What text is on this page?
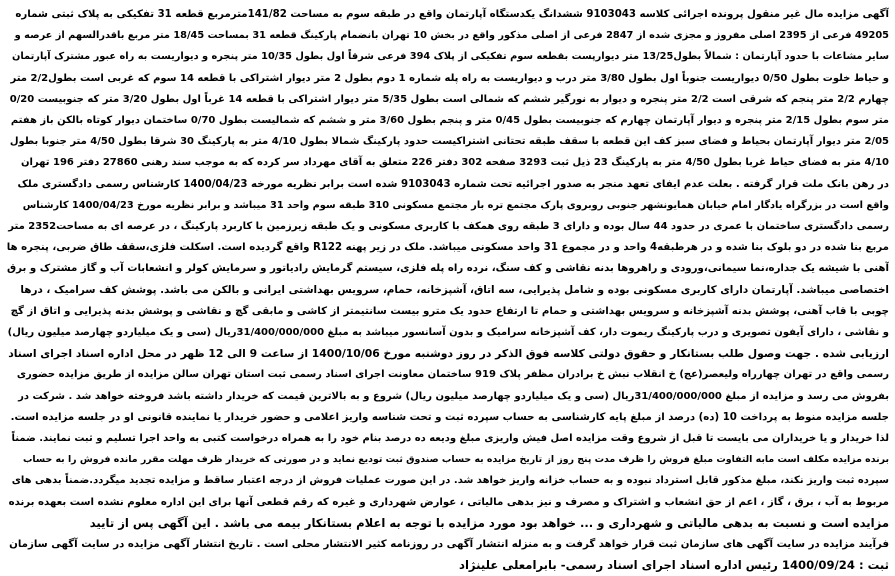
آگهی مزایده مال غیر منقول پرونده اجرائی کلاسه 9103043 ششدانگ یکدستگاه آپارتمان واقع در طبقه سوم به مساحت 141/82مترمربع قطعه 31 تفکیکی به پلاک ثبتی شماره
49205 فرعی از 2395 اصلی مفروز و مجزی شده از 2847 فرعی از اصلی مذکور واقع در بخش 10 تهران بانضمام پارکینگ قطعه 31 بمساحت 18/45 متر مربع باقدرالسهم از عرصه و
سایر مشاعات با حدود آپارتمان : شمالاً بطول13/25 متر دیوارپست بقطعه سوم تفکیکی از پلاک 394 فرعی شرقاً اول بطول 10/35 متر پنجره و دیواریست به راه عبور مشترک آپارتمان
و حیاط خلوت بطول 0/50 دیواریست جنوباً اول بطول 3/80 متر درب و دیواریست به راه پله شماره 1 دوم بطول 2 متر دیوار اشتراکی با قطعه 14 سوم که غربی است بطول2/2 متر
چهارم 2/2 متر پنجم که شرقی است 2/2 متر پنجره و دیوار به نورگیر ششم که شمالی است بطول 5/35 متر دیوار اشتراکی با قطعه 14 غرباً اول بطول 3/20 متر که جنوبیست 0/20
متر سوم بطول 2/15 متر پنجره و دیوار آپارتمان چهارم که جنوبیست بطول 0/45 متر و پنجم بطول 3/60 متر و ششم که شمالیست بطول 0/70 ساختمان دیوار کوتاه بالکن باز هفتم
2/05 متر دیوار آپارتمان بحیاط و فضای سبز کف این قطعه با سقف طبقه تحتانی اشتراکیست حدود پارکینگ شمالا بطول 4/10 متر به پارکینگ 30 شرقا بطول 4/50 متر جنوبا بطول
4/10 متر به فضای حیاط غربا بطول 4/50 متر به پارکینگ 23 ذیل ثبت 3293 صفحه 302 دفتر 226 متعلق به آقای مهرداد سر کرده که به موجب سند رهنی 27860 دفتر 196 تهران
در رهن بانک ملت قرار گرفته . بعلت عدم ایفای تعهد منجر به صدور اجرائیه تحت شماره 9103043 شده است برابر نظریه مورخه 1400/04/23 کارشناس رسمی دادگستری ملک
واقع است در بزرگراه یادگار امام خیابان همایونشهر جنوبی روبروی پارک مجتمع تره بار مجتمع مسکونی 310 طبقه سوم واحد 31 میباشد و برابر نظریه مورخ 1400/04/23 کارشناس
رسمی دادگستری ساختمان با عمری در حدود 44 سال بوده و دارای 3 طبقه روی همکف با کاربری مسکونی و یک طبقه زیرزمین با کاربرد پارکینگ ، در عرصه ای به مساحت2352 متر
مربع بنا شده در دو بلوک بنا شده و در هرطبقه4 واحد و در مجموع 31 واحد مسکونی میباشد. ملک در زیر پهنه R122 واقع گردیده است. اسکلت فلزی،سقف طاق ضربی، پنجره ها
آهنی با شیشه یک جداره،نما سیمانی،ورودی و راهروها بدنه نقاشی و کف سنگ، نرده راه پله فلزی، سیستم گرمایش رادیاتور و سرمایش کولر و انشعابات آب و گاز مشترک و برق
اختصاصی میباشد. آپارتمان دارای کاربری مسکونی بوده و شامل پذیرایی، سه اتاق، آشپزخانه، حمام، سرویس بهداشتی ایرانی و بالکن می باشد. پوشش کف سرامیک ، درها
چوبی با قاب آهنی، پوشش بدنه آشپزخانه و سرویس بهداشتی و حمام تا ارتفاع حدود یک مترو بیست سانتیمتر از کاشی و مابقی گچ و نقاشی و پوشش بدنه پذیرایی و اتاق از گچ
و نقاشی ، دارای آیفون تصویری و درب پارکینگ ریموت دار، کف آشپزخانه سرامیک و بدون آسانسور میباشد به مبلغ 31/400/000/000ریال (سی و یک میلیاردو چهارصد میلیون ریال)
ارزیابی شده . جهت وصول طلب بستانکار و حقوق دولتی کلاسه فوق الذکر در روز دوشنبه مورخ 1400/10/06 از ساعت 9 الی 12 ظهر در محل اداره اسناد اجرای اسناد
رسمی واقع در تهران چهارراه ولیعصر(عج) خ انقلاب نبش خ برادران مظفر پلاک 919 ساختمان معاونت اجرای اسناد رسمی ثبت استان تهران سالن مزایده از طریق مزایده حضوری
بفروش می رسد و مزایده از مبلغ 31/400/000/000ریال (سی و یک میلیاردو چهارصد میلیون ریال) شروع و به بالاترین قیمت که خریدار داشته باشد فروخته خواهد شد . شرکت در
جلسه مزایده منوط به پرداخت 10 (ده) درصد از مبلغ پایه کارشناسی به حساب سپرده ثبت و تحت شناسه واریز اعلامی و حضور خریدار یا نماینده قانونی او در جلسه مزایده است.
لذا خریدار و یا خریداران می بایست تا قبل از شروع وقت مزایده اصل فیش واریزی مبلغ ودیعه ده درصد بنام خود را به همراه درخواست کتبی به واحد اجرا تسلیم و ثبت نمایند. ضمناً
برنده مزایده مکلف است مابه التفاوت مبلغ فروش را ظرف مدت پنج روز از تاریخ مزایده به حساب صندوق ثبت تودیع نماید و در صورتی که خریدار ظرف مهلت مقرر مانده فروش را به حساب
سپرده ثبت واریز نکند، مبلغ مذکور قابل استرداد نبوده و به حساب خزانه واریز خواهد شد. در این صورت عملیات فروش از درجه اعتبار ساقط و مزایده تجدید میگردد.ضمناً بدهی های
مربوط به آب ، برق ، گاز ، اعم از حق انشعاب و اشتراک و مصرف و نیز بدهی مالیاتی ، عوارض شهرداری و غیره که رقم قطعی آنها برای این اداره معلوم نشده است بعهده برنده
مزایده است و نسبت به بدهی مالیاتی و شهرداری و ... خواهد بود مورد مزایده با توجه به اعلام بستانکار بیمه می باشد . این آگهی پس از تایید
فرآیند مزایده در سایت آگهی های سازمان ثبت قرار خواهد گرفت و به منزله انتشار آگهی در روزنامه کثیر الانتشار محلی است . تاریخ انتشار آگهی مزایده در سایت آگهی سازمان
ثبت : 1400/09/24 رئیس اداره اسناد اجرای اسناد رسمی- بابرامعلی علینژاد
